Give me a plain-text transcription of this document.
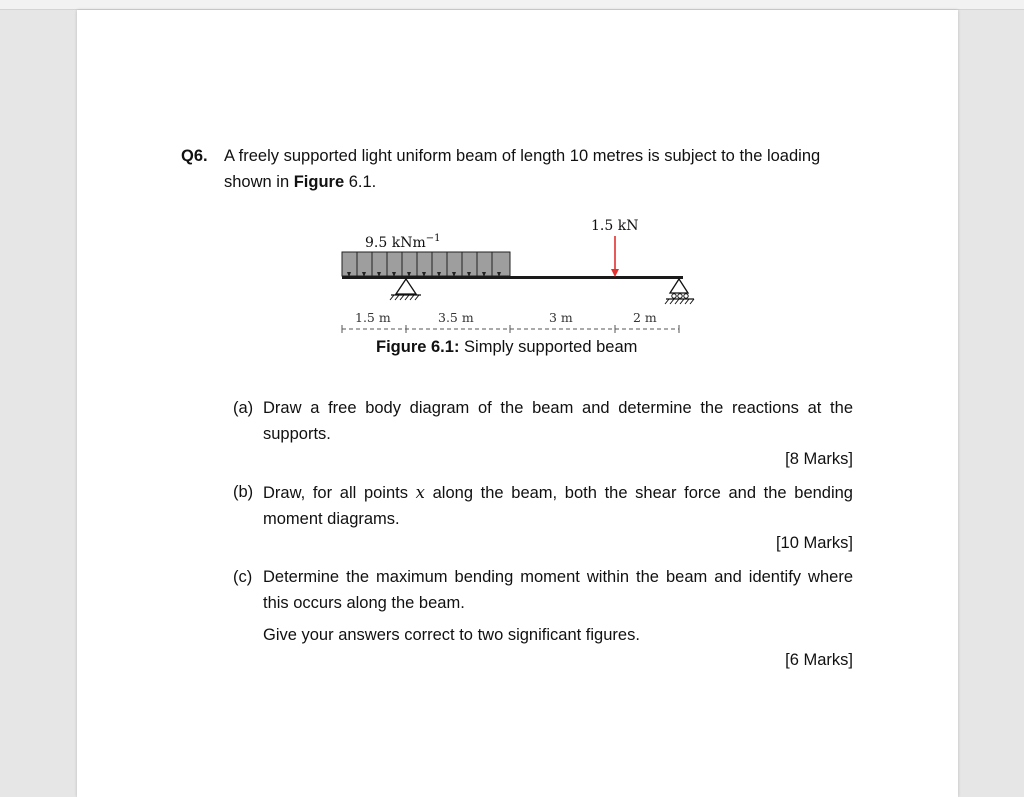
Q6. A freely supported light uniform beam of length 10 metres is subject to the loading
shown in Figure 6.1.
9.5 kNm$^{-1}$
1.5 kN
1.5 m	3.5 m	3 m	2 m
Figure 6.1: Simply supported beam
(a) Draw a free body diagram of the beam and determine the reactions at the supports.
[8 Marks]
(b) Draw, for all points x along the beam, both the shear force and the bending moment diagrams.
[10 Marks]
(c) Determine the maximum bending moment within the beam and identify where this occurs along the beam.
Give your answers correct to two significant figures.
[6 Marks]
